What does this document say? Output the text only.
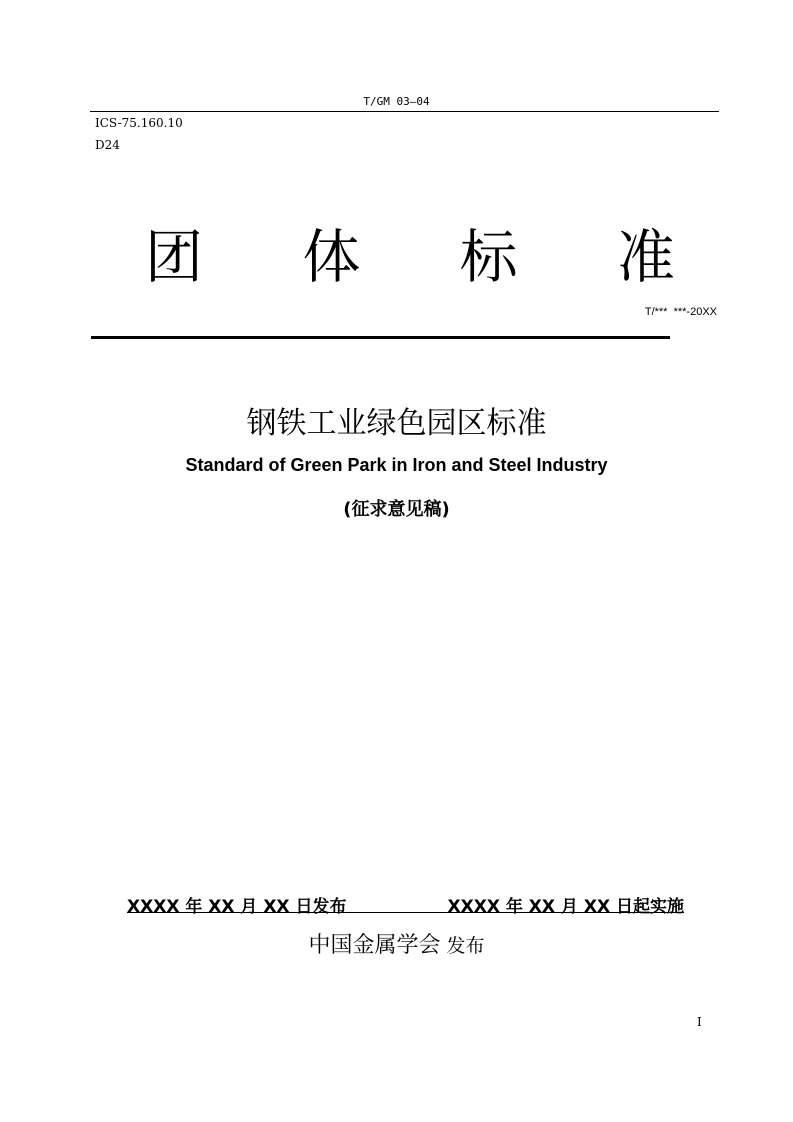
T/GM 03—04
ICS-75.160.10
D24
团 体 标 准
T/***  ***-20XX
钢铁工业绿色园区标准
Standard of Green Park in Iron and Steel Industry
(征求意见稿)
XXXX 年 XX 月 XX 日发布	XXXX 年 XX 月 XX 日起实施
中国金属学会 发布
I
